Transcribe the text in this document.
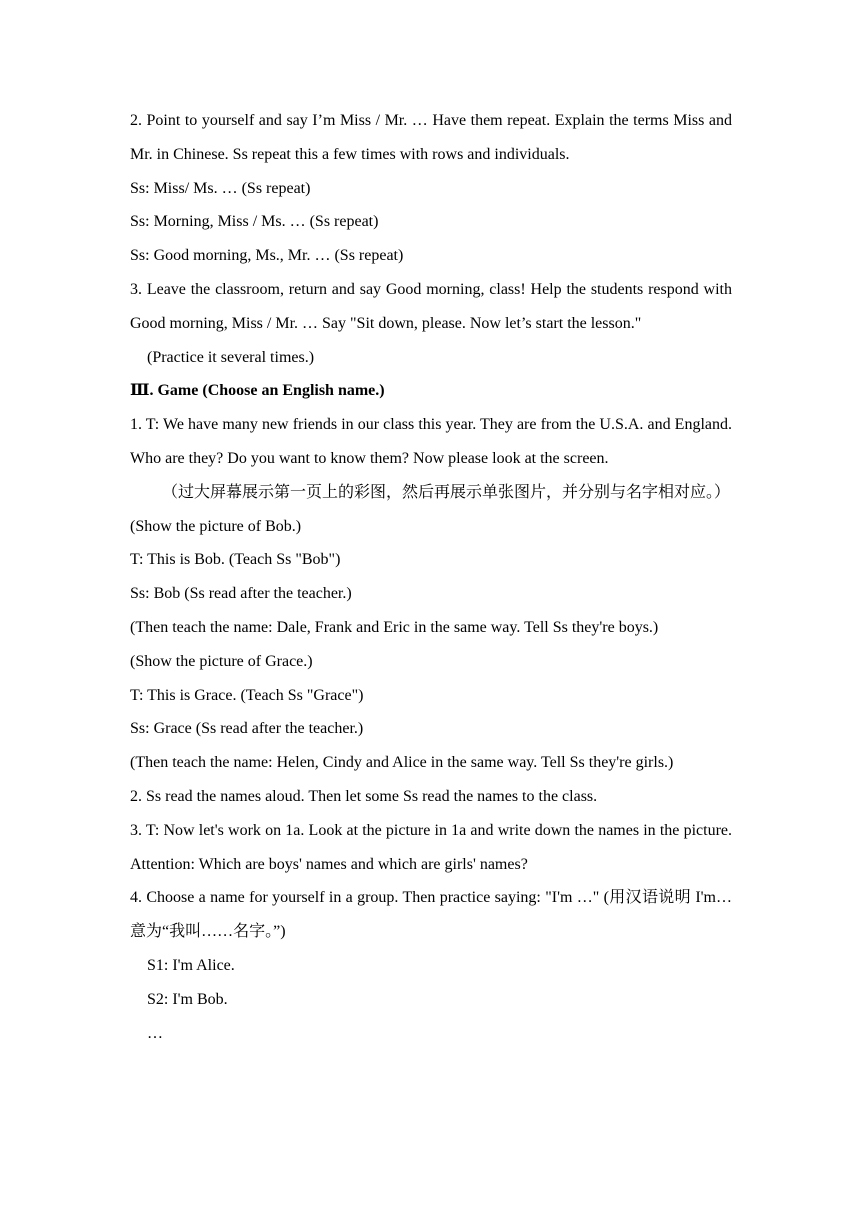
2. Point to yourself and say I’m Miss / Mr. … Have them repeat. Explain the terms Miss and Mr. in Chinese. Ss repeat this a few times with rows and individuals.

Ss: Miss/ Ms. … (Ss repeat)

Ss: Morning, Miss / Ms. … (Ss repeat)

Ss: Good morning, Ms., Mr. … (Ss repeat)

3. Leave the classroom, return and say Good morning, class! Help the students respond with Good morning, Miss / Mr. … Say "Sit down, please. Now let’s start the lesson."

(Practice it several times.)

Ⅲ. Game (Choose an English name.)

1. T: We have many new friends in our class this year. They are from the U.S.A. and England. Who are they? Do you want to know them? Now please look at the screen.

（过大屏幕展示第一页上的彩图，然后再展示单张图片，并分别与名字相对应。）

(Show the picture of Bob.)

T: This is Bob. (Teach Ss "Bob")

Ss: Bob (Ss read after the teacher.)

(Then teach the name: Dale, Frank and Eric in the same way. Tell Ss they're boys.)

(Show the picture of Grace.)

T: This is Grace. (Teach Ss "Grace")

Ss: Grace (Ss read after the teacher.)

(Then teach the name: Helen, Cindy and Alice in the same way. Tell Ss they're girls.)

2. Ss read the names aloud. Then let some Ss read the names to the class.

3. T: Now let's work on 1a. Look at the picture in 1a and write down the names in the picture. Attention: Which are boys' names and which are girls' names?

4. Choose a name for yourself in a group. Then practice saying: "I'm …" (用汉语说明 I'm… 意为“我叫……名字。”)

S1: I'm Alice.

S2: I'm Bob.

…
